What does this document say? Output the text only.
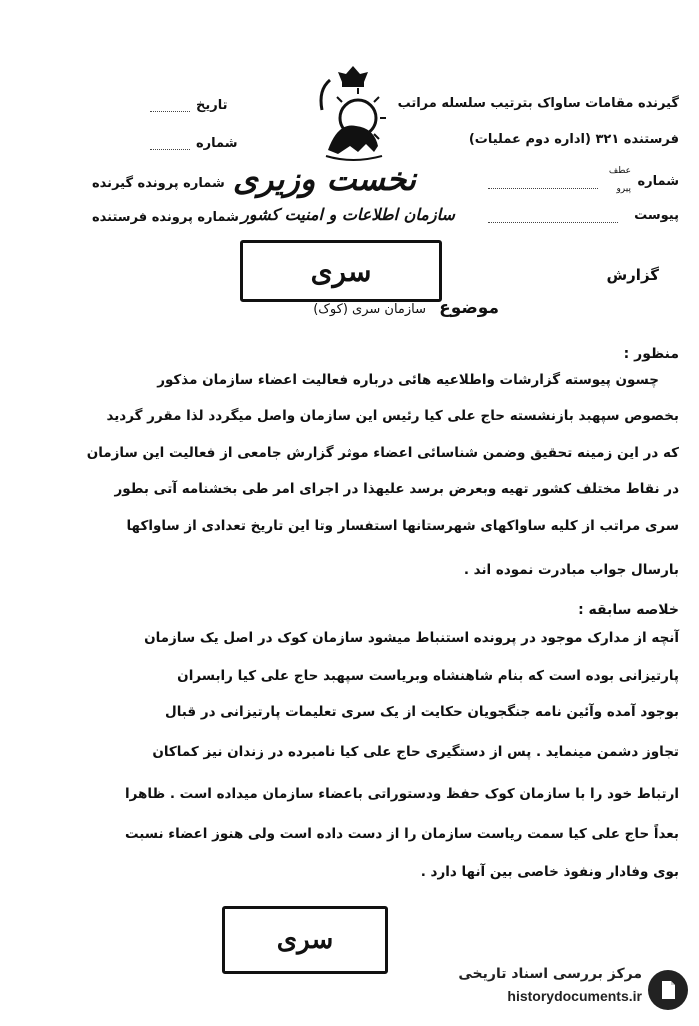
نخست وزیری
سازمان اطلاعات و امنیت کشور
گیرنده مقامات ساواک بترتیب سلسله مراتب
فرستنده ۳۲۱ (اداره دوم عملیات)
شماره
عطف
پیرو
پیوست
تاریخ
شماره
شماره پرونده گیرنده
شماره پرونده فرستنده
سری	گزارش
موضوع سازمان سری (کوک)
منظور :
چسون پیوسته گزارشات واطلاعیه هائی درباره فعالیت اعضاء سازمان مذکور
بخصوص سپهبد بازنشسته حاج علی کیا رئیس این سازمان واصل میگردد لذا مقرر گردید
که در این زمینه تحقیق وضمن شناسائی اعضاء موثر گزارش جامعی از فعالیت این سازمان
در نقاط مختلف کشور تهیه وبعرض برسد علیهذا در اجرای امر طی بخشنامه آتی بطور
سری مراتب از کلیه ساواکهای شهرستانها استفسار وتا این تاریخ تعدادی از ساواکها
بارسال جواب مبادرت نموده اند .
خلاصه سابقه :
آنچه از مدارک موجود در پرونده استنباط میشود سازمان کوک در اصل یک سازمان
پارتیزانی بوده است که بنام شاهنشاه وبریاست سپهبد حاج علی کیا رابسران
بوجود آمده وآئین نامه جنگجویان حکایت از یک سری تعلیمات پارتیزانی در قبال
تجاوز دشمن مینماید . پس از دستگیری حاج علی کیا نامبرده در زندان نیز کماکان
ارتباط خود را با سازمان کوک حفظ ودستوراتی باعضاء سازمان میداده است . ظاهرا
بعداً حاج علی کیا سمت ریاست سازمان را از دست داده است ولی هنوز اعضاء نسبت
بوی وفادار ونفوذ خاصی بین آنها دارد .
سری
مرکز بررسی اسناد تاریخی
historydocuments.ir
